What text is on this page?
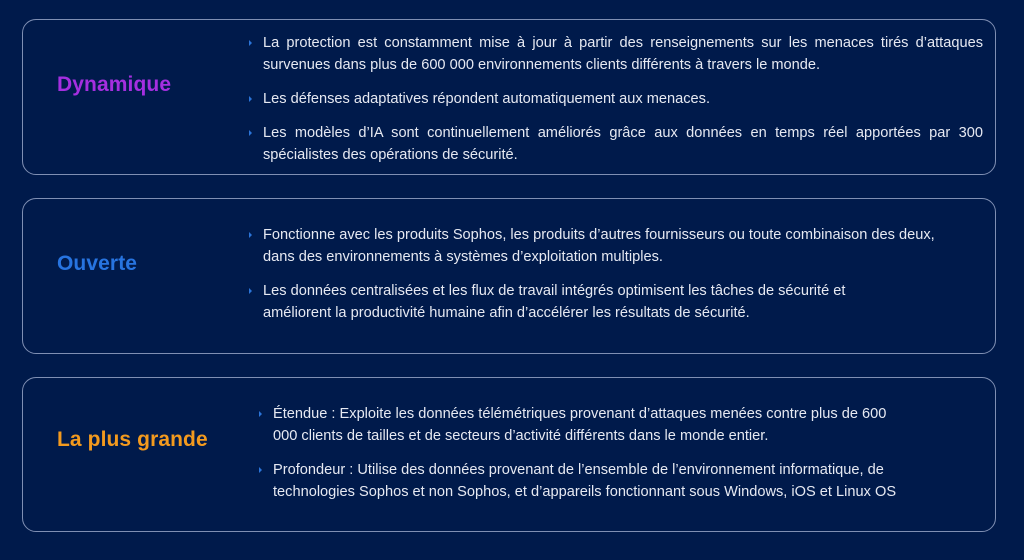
Dynamique
La protection est constamment mise à jour à partir des renseignements sur les menaces tirés d’attaques survenues dans plus de 600 000 environnements clients différents à travers le monde.
Les défenses adaptatives répondent automatiquement aux menaces.
Les modèles d’IA sont continuellement améliorés grâce aux données en temps réel apportées par 300 spécialistes des opérations de sécurité.
Ouverte
Fonctionne avec les produits Sophos, les produits d’autres fournisseurs ou toute combinaison des deux, dans des environnements à systèmes d’exploitation multiples.
Les données centralisées et les flux de travail intégrés optimisent les tâches de sécurité et améliorent la productivité humaine afin d’accélérer les résultats de sécurité.
La plus grande
Étendue : Exploite les données télémétriques provenant d’attaques menées contre plus de 600 000 clients de tailles et de secteurs d’activité différents dans le monde entier.
Profondeur : Utilise des données provenant de l’ensemble de l’environnement informatique, de technologies Sophos et non Sophos, et d’appareils fonctionnant sous Windows, iOS et Linux OS
